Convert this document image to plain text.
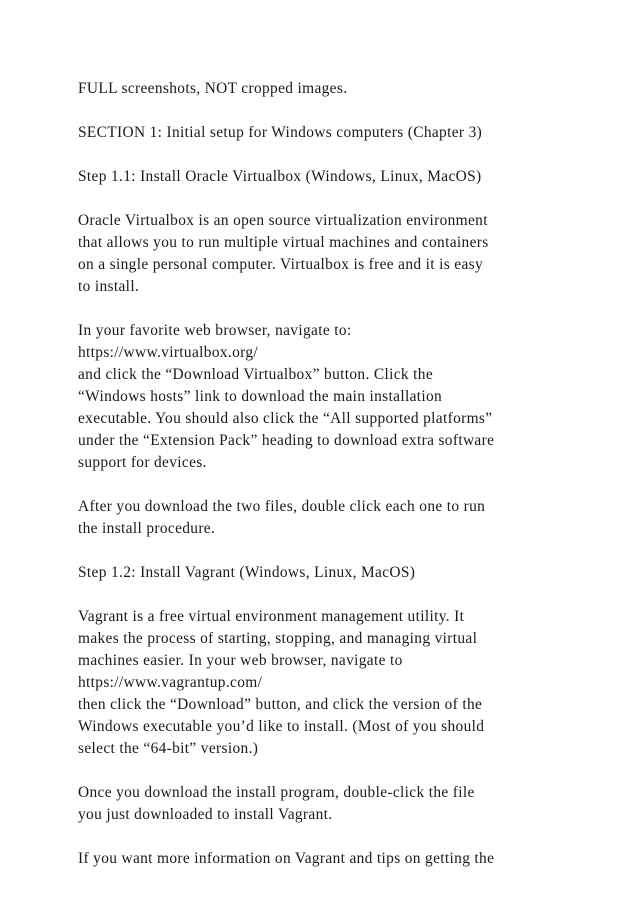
FULL screenshots, NOT cropped images.
SECTION 1: Initial setup for Windows computers (Chapter 3)
Step 1.1: Install Oracle Virtualbox (Windows, Linux, MacOS)
Oracle Virtualbox is an open source virtualization environment
that allows you to run multiple virtual machines and containers
on a single personal computer. Virtualbox is free and it is easy
to install.
In your favorite web browser, navigate to:
https://www.virtualbox.org/
and click the “Download Virtualbox” button. Click the
“Windows hosts” link to download the main installation
executable. You should also click the “All supported platforms”
under the “Extension Pack” heading to download extra software
support for devices.
After you download the two files, double click each one to run
the install procedure.
Step 1.2: Install Vagrant (Windows, Linux, MacOS)
Vagrant is a free virtual environment management utility. It
makes the process of starting, stopping, and managing virtual
machines easier. In your web browser, navigate to
https://www.vagrantup.com/
then click the “Download” button, and click the version of the
Windows executable you’d like to install. (Most of you should
select the “64-bit” version.)
Once you download the install program, double-click the file
you just downloaded to install Vagrant.
If you want more information on Vagrant and tips on getting the
